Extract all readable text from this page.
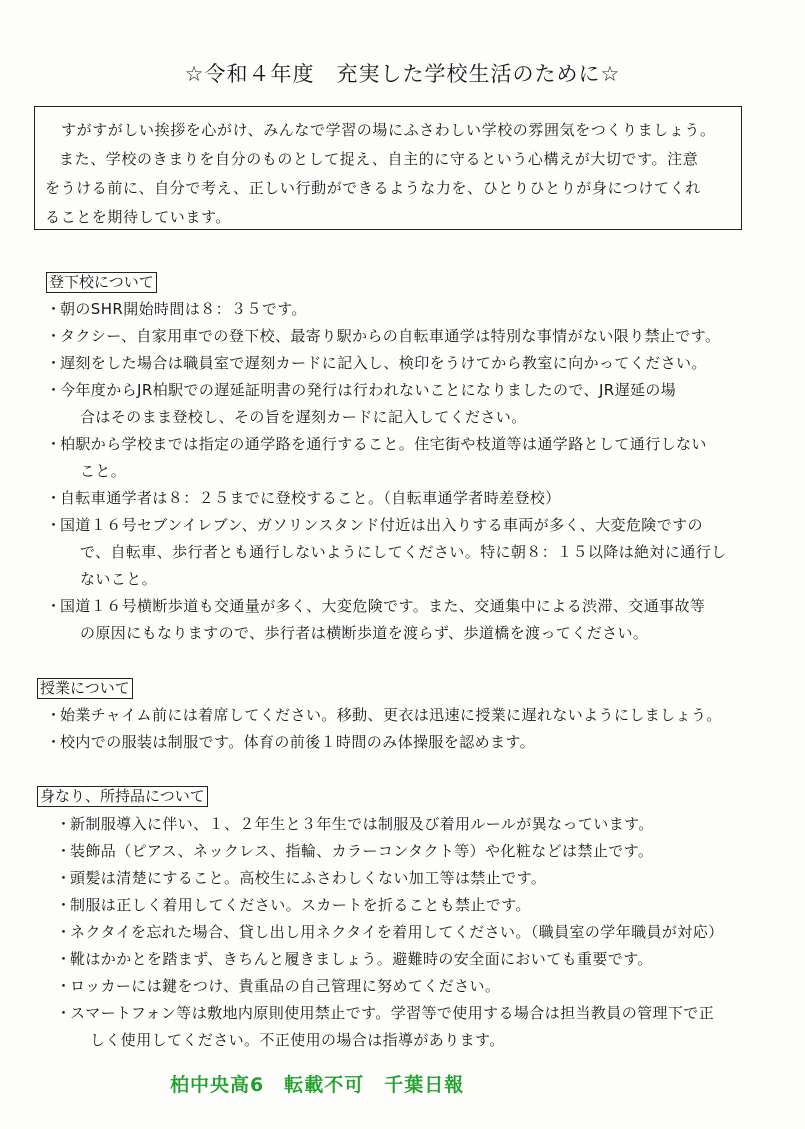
☆令和４年度　充実した学校生活のために☆

すがすがしい挨拶を心がけ、みんなで学習の場にふさわしい学校の雰囲気をつくりましょう。

また、学校のきまりを自分のものとして捉え、自主的に守るという心構えが大切です。注意

をうける前に、自分で考え、正しい行動ができるような力を、ひとりひとりが身につけてくれ

ることを期待しています。

登下校について
・
朝のSHR開始時間は８：３５です。
・
タクシー、自家用車での登下校、最寄り駅からの自転車通学は特別な事情がない限り禁止です。
・
遅刻をした場合は職員室で遅刻カードに記入し、検印をうけてから教室に向かってください。
・
今年度からJR柏駅での遅延証明書の発行は行われないことになりましたので、JR遅延の場
合はそのまま登校し、その旨を遅刻カードに記入してください。
・
柏駅から学校までは指定の通学路を通行すること。住宅街や枝道等は通学路として通行しない
こと。
・
自転車通学者は８：２５までに登校すること。（自転車通学者時差登校）
・
国道１６号セブンイレブン、ガソリンスタンド付近は出入りする車両が多く、大変危険ですの
で、自転車、歩行者とも通行しないようにしてください。特に朝８：１５以降は絶対に通行し
ないこと。
・
国道１６号横断歩道も交通量が多く、大変危険です。また、交通集中による渋滞、交通事故等
の原因にもなりますので、歩行者は横断歩道を渡らず、歩道橋を渡ってください。
授業について
・
始業チャイム前には着席してください。移動、更衣は迅速に授業に遅れないようにしましょう。
・
校内での服装は制服です。体育の前後１時間のみ体操服を認めます。
身なり、所持品について
・
新制服導入に伴い、１、２年生と３年生では制服及び着用ルールが異なっています。
・
装飾品（ピアス、ネックレス、指輪、カラーコンタクト等）や化粧などは禁止です。
・
頭髪は清楚にすること。高校生にふさわしくない加工等は禁止です。
・
制服は正しく着用してください。スカートを折ることも禁止です。
・
ネクタイを忘れた場合、貸し出し用ネクタイを着用してください。（職員室の学年職員が対応）
・
靴はかかとを踏まず、きちんと履きましょう。避難時の安全面においても重要です。
・
ロッカーには鍵をつけ、貴重品の自己管理に努めてください。
・
スマートフォン等は敷地内原則使用禁止です。学習等で使用する場合は担当教員の管理下で正
しく使用してください。不正使用の場合は指導があります。
柏中央高6　転載不可　千葉日報
